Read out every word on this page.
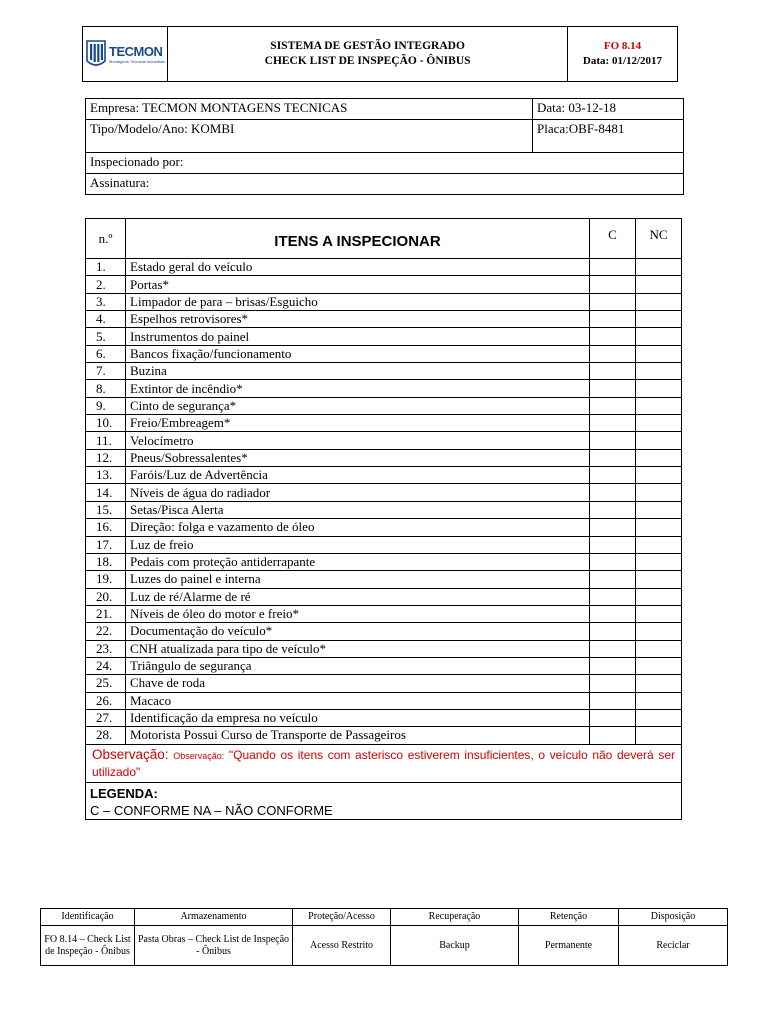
TECMON
Montagens Técnicas Industriais

SISTEMA DE GESTÃO INTEGRADO
CHECK LIST DE INSPEÇÃO - ÔNIBUS

FO 8.14
Data: 01/12/2017
Empresa: TECMON MONTAGENS TECNICAS	Data: 03-12-18
Tipo/Modelo/Ano: KOMBI	Placa:OBF-8481
Inspecionado por:	
Assinatura:	
n.º	ITENS A INSPECIONAR	C	NC
1.	Estado geral do veículo		
2.	Portas*		
3.	Limpador de para – brisas/Esguicho		
4.	Espelhos retrovisores*		
5.	Instrumentos do painel		
6.	Bancos fixação/funcionamento		
7.	Buzina		
8.	Extintor de incêndio*		
9.	Cinto de segurança*		
10.	Freio/Embreagem*		
11.	Velocímetro		
12.	Pneus/Sobressalentes*		
13.	Faróis/Luz de Advertência		
14.	Níveis de água do radiador		
15.	Setas/Pisca Alerta		
16.	Direção: folga e vazamento de óleo		
17.	Luz de freio		
18.	Pedais com proteção antiderrapante		
19.	Luzes do painel e interna		
20.	Luz de ré/Alarme de ré		
21.	Níveis de óleo do motor e freio*		
22.	Documentação do veículo*		
23.	CNH atualizada para tipo de veículo*		
24.	Triângulo de segurança		
25.	Chave de roda		
26.	Macaco		
27.	Identificação da empresa no veículo		
28.	Motorista Possui Curso de Transporte de Passageiros		
Observação: Observação: "Quando os itens com asterisco estiverem insuficientes, o veículo não deverá ser utilizado"			

LEGENDA:
C – CONFORME NA – NÃO CONFORME			
Identificação	Armazenamento	Proteção/Acesso	Recuperação	Retenção	Disposição
FO 8.14 – Check List de Inspeção - Ônibus	Pasta Obras – Check List de Inspeção - Ônibus	Acesso Restrito	Backup	Permanente	Reciclar
